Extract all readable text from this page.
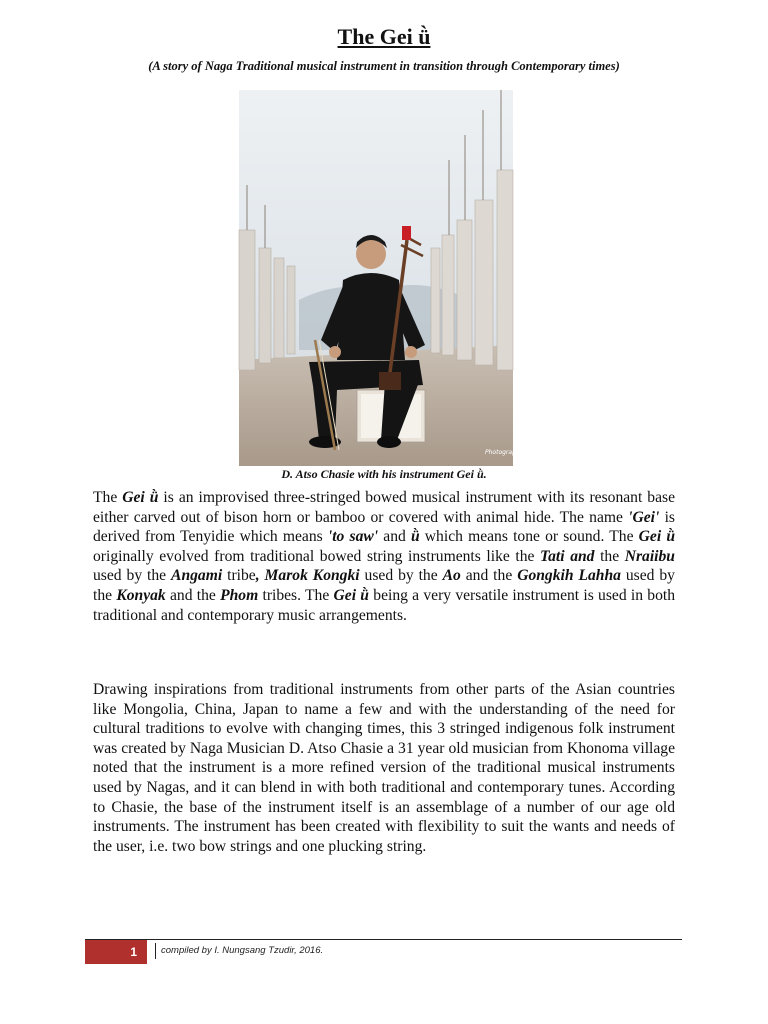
The Gei ǜ
(A story of Naga Traditional musical instrument in transition through Contemporary times)
Photography
D. Atso Chasie with his instrument Gei ǜ.

The Gei ǜ is an improvised three-stringed bowed musical instrument with its resonant base either carved out of bison horn or bamboo or covered with animal hide. The name 'Gei' is derived from Tenyidie which means 'to saw' and ǜ which means tone or sound. The Gei ǜ originally evolved from traditional bowed string instruments like the Tati and the Nraiibu used by the Angami tribe, Marok Kongki used by the Ao and the Gongkih Lahha used by the Konyak and the Phom tribes. The Gei ǜ being a very versatile instrument is used in both traditional and contemporary music arrangements.

Drawing inspirations from traditional instruments from other parts of the Asian countries like Mongolia, China, Japan to name a few and with the understanding of the need for cultural traditions to evolve with changing times, this 3 stringed indigenous folk instrument was created by Naga Musician D. Atso Chasie a 31 year old musician from Khonoma village noted that the instrument is a more refined version of the traditional musical instruments used by Nagas, and it can blend in with both traditional and contemporary tunes. According to Chasie, the base of the instrument itself is an assemblage of a number of our age old instruments. The instrument has been created with flexibility to suit the wants and needs of the user, i.e. two bow strings and one plucking string.

1	compiled by I. Nungsang Tzudir, 2016.
